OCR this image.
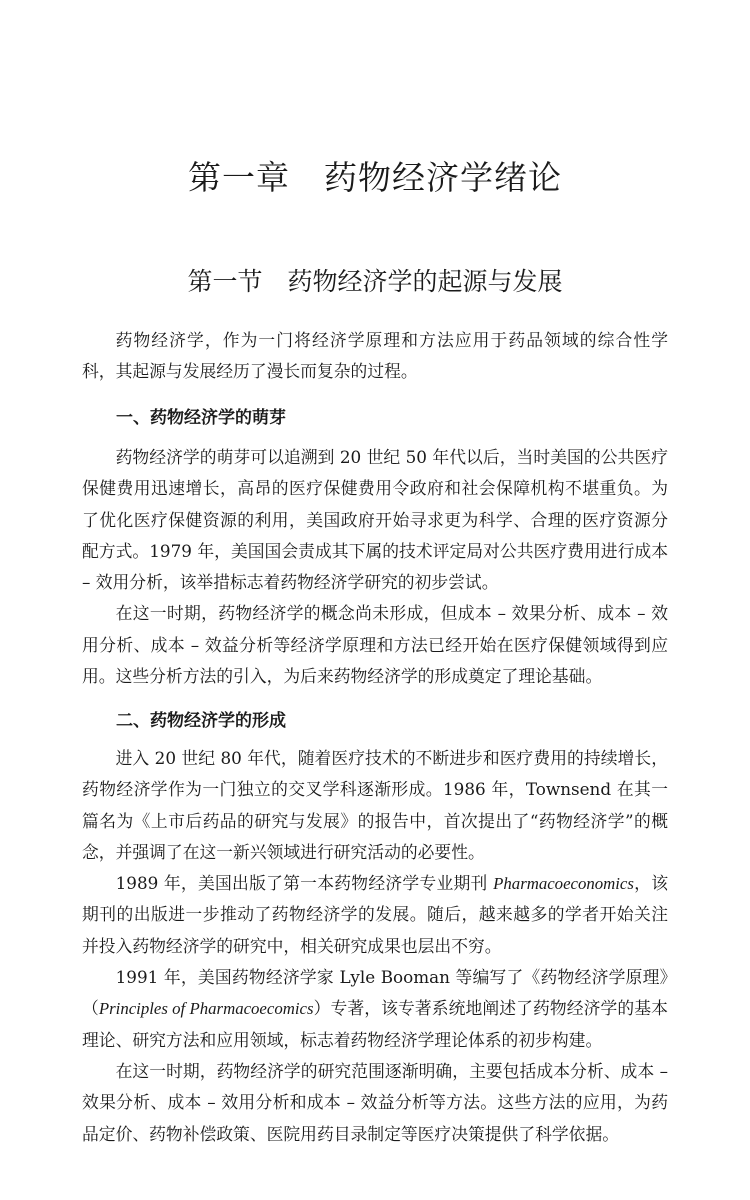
第一章　药物经济学绪论
第一节　药物经济学的起源与发展

药物经济学，作为一门将经济学原理和方法应用于药品领域的综合性学科，其起源与发展经历了漫长而复杂的过程。

一、药物经济学的萌芽

药物经济学的萌芽可以追溯到 20 世纪 50 年代以后，当时美国的公共医疗保健费用迅速增长，高昂的医疗保健费用令政府和社会保障机构不堪重负。为了优化医疗保健资源的利用，美国政府开始寻求更为科学、合理的医疗资源分配方式。1979 年，美国国会责成其下属的技术评定局对公共医疗费用进行成本 – 效用分析，该举措标志着药物经济学研究的初步尝试。

在这一时期，药物经济学的概念尚未形成，但成本 – 效果分析、成本 – 效用分析、成本 – 效益分析等经济学原理和方法已经开始在医疗保健领域得到应用。这些分析方法的引入，为后来药物经济学的形成奠定了理论基础。

二、药物经济学的形成

进入 20 世纪 80 年代，随着医疗技术的不断进步和医疗费用的持续增长，药物经济学作为一门独立的交叉学科逐渐形成。1986 年，Townsend 在其一篇名为《上市后药品的研究与发展》的报告中，首次提出了“药物经济学”的概念，并强调了在这一新兴领域进行研究活动的必要性。

1989 年，美国出版了第一本药物经济学专业期刊 Pharmacoeconomics，该期刊的出版进一步推动了药物经济学的发展。随后，越来越多的学者开始关注并投入药物经济学的研究中，相关研究成果也层出不穷。

1991 年，美国药物经济学家 Lyle Booman 等编写了《药物经济学原理》（Principles of Pharmacoecomics）专著，该专著系统地阐述了药物经济学的基本理论、研究方法和应用领域，标志着药物经济学理论体系的初步构建。

在这一时期，药物经济学的研究范围逐渐明确，主要包括成本分析、成本 – 效果分析、成本 – 效用分析和成本 – 效益分析等方法。这些方法的应用，为药品定价、药物补偿政策、医院用药目录制定等医疗决策提供了科学依据。
